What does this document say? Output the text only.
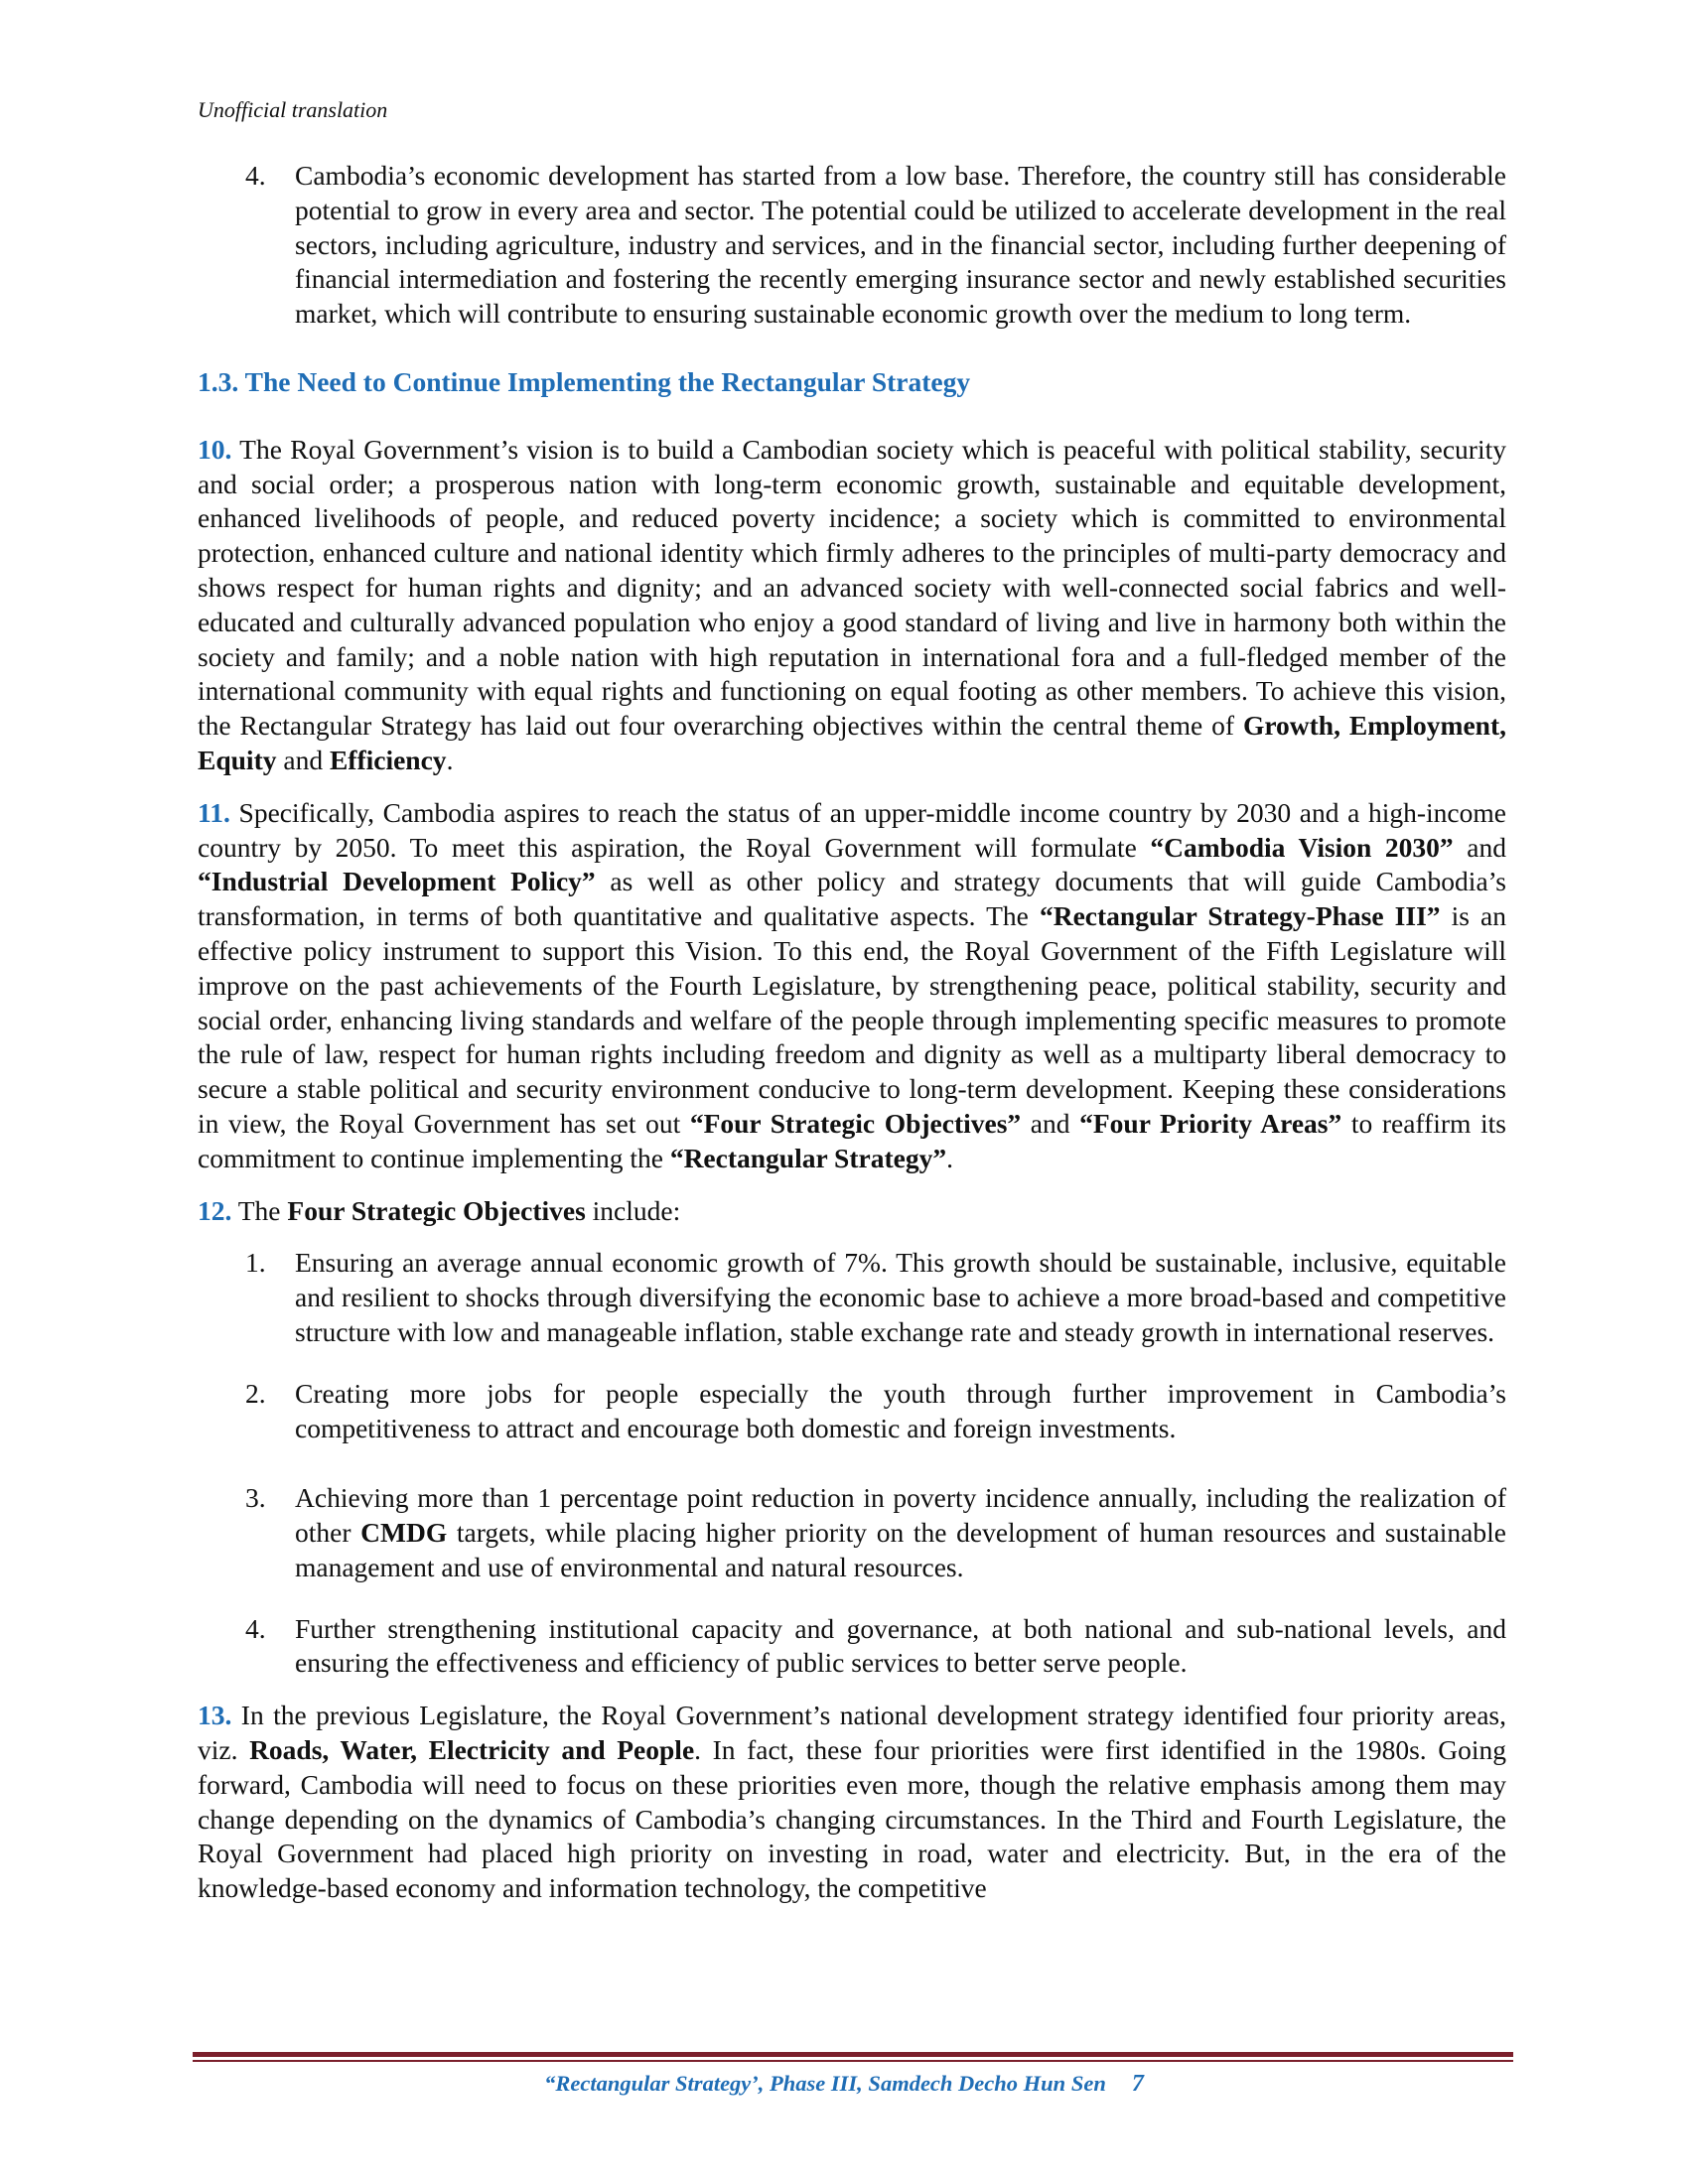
Unofficial translation
4. Cambodia’s economic development has started from a low base. Therefore, the country still has considerable potential to grow in every area and sector. The potential could be utilized to accelerate development in the real sectors, including agriculture, industry and services, and in the financial sector, including further deepening of financial intermediation and fostering the recently emerging insurance sector and newly established securities market, which will contribute to ensuring sustainable economic growth over the medium to long term.

1.3. The Need to Continue Implementing the Rectangular Strategy

10. The Royal Government’s vision is to build a Cambodian society which is peaceful with political stability, security and social order; a prosperous nation with long-term economic growth, sustainable and equitable development, enhanced livelihoods of people, and reduced poverty incidence; a society which is committed to environmental protection, enhanced culture and national identity which firmly adheres to the principles of multi-party democracy and shows respect for human rights and dignity; and an advanced society with well-connected social fabrics and well-educated and culturally advanced population who enjoy a good standard of living and live in harmony both within the society and family; and a noble nation with high reputation in international fora and a full-fledged member of the international community with equal rights and functioning on equal footing as other members. To achieve this vision, the Rectangular Strategy has laid out four overarching objectives within the central theme of Growth, Employment, Equity and Efficiency.

11. Specifically, Cambodia aspires to reach the status of an upper-middle income country by 2030 and a high-income country by 2050. To meet this aspiration, the Royal Government will formulate “Cambodia Vision 2030” and “Industrial Development Policy” as well as other policy and strategy documents that will guide Cambodia’s transformation, in terms of both quantitative and qualitative aspects. The “Rectangular Strategy-Phase III” is an effective policy instrument to support this Vision. To this end, the Royal Government of the Fifth Legislature will improve on the past achievements of the Fourth Legislature, by strengthening peace, political stability, security and social order, enhancing living standards and welfare of the people through implementing specific measures to promote the rule of law, respect for human rights including freedom and dignity as well as a multiparty liberal democracy to secure a stable political and security environment conducive to long-term development. Keeping these considerations in view, the Royal Government has set out “Four Strategic Objectives” and “Four Priority Areas” to reaffirm its commitment to continue implementing the “Rectangular Strategy”.

12. The Four Strategic Objectives include:

1. Ensuring an average annual economic growth of 7%. This growth should be sustainable, inclusive, equitable and resilient to shocks through diversifying the economic base to achieve a more broad-based and competitive structure with low and manageable inflation, stable exchange rate and steady growth in international reserves.
2. Creating more jobs for people especially the youth through further improvement in Cambodia’s competitiveness to attract and encourage both domestic and foreign investments.
3. Achieving more than 1 percentage point reduction in poverty incidence annually, including the realization of other CMDG targets, while placing higher priority on the development of human resources and sustainable management and use of environmental and natural resources.
4. Further strengthening institutional capacity and governance, at both national and sub-national levels, and ensuring the effectiveness and efficiency of public services to better serve people.

13. In the previous Legislature, the Royal Government’s national development strategy identified four priority areas, viz. Roads, Water, Electricity and People. In fact, these four priorities were first identified in the 1980s. Going forward, Cambodia will need to focus on these priorities even more, though the relative emphasis among them may change depending on the dynamics of Cambodia’s changing circumstances. In the Third and Fourth Legislature, the Royal Government had placed high priority on investing in road, water and electricity. But, in the era of the knowledge-based economy and information technology, the competitive

“Rectangular Strategy’, Phase III, Samdech Decho Hun Sen 7
